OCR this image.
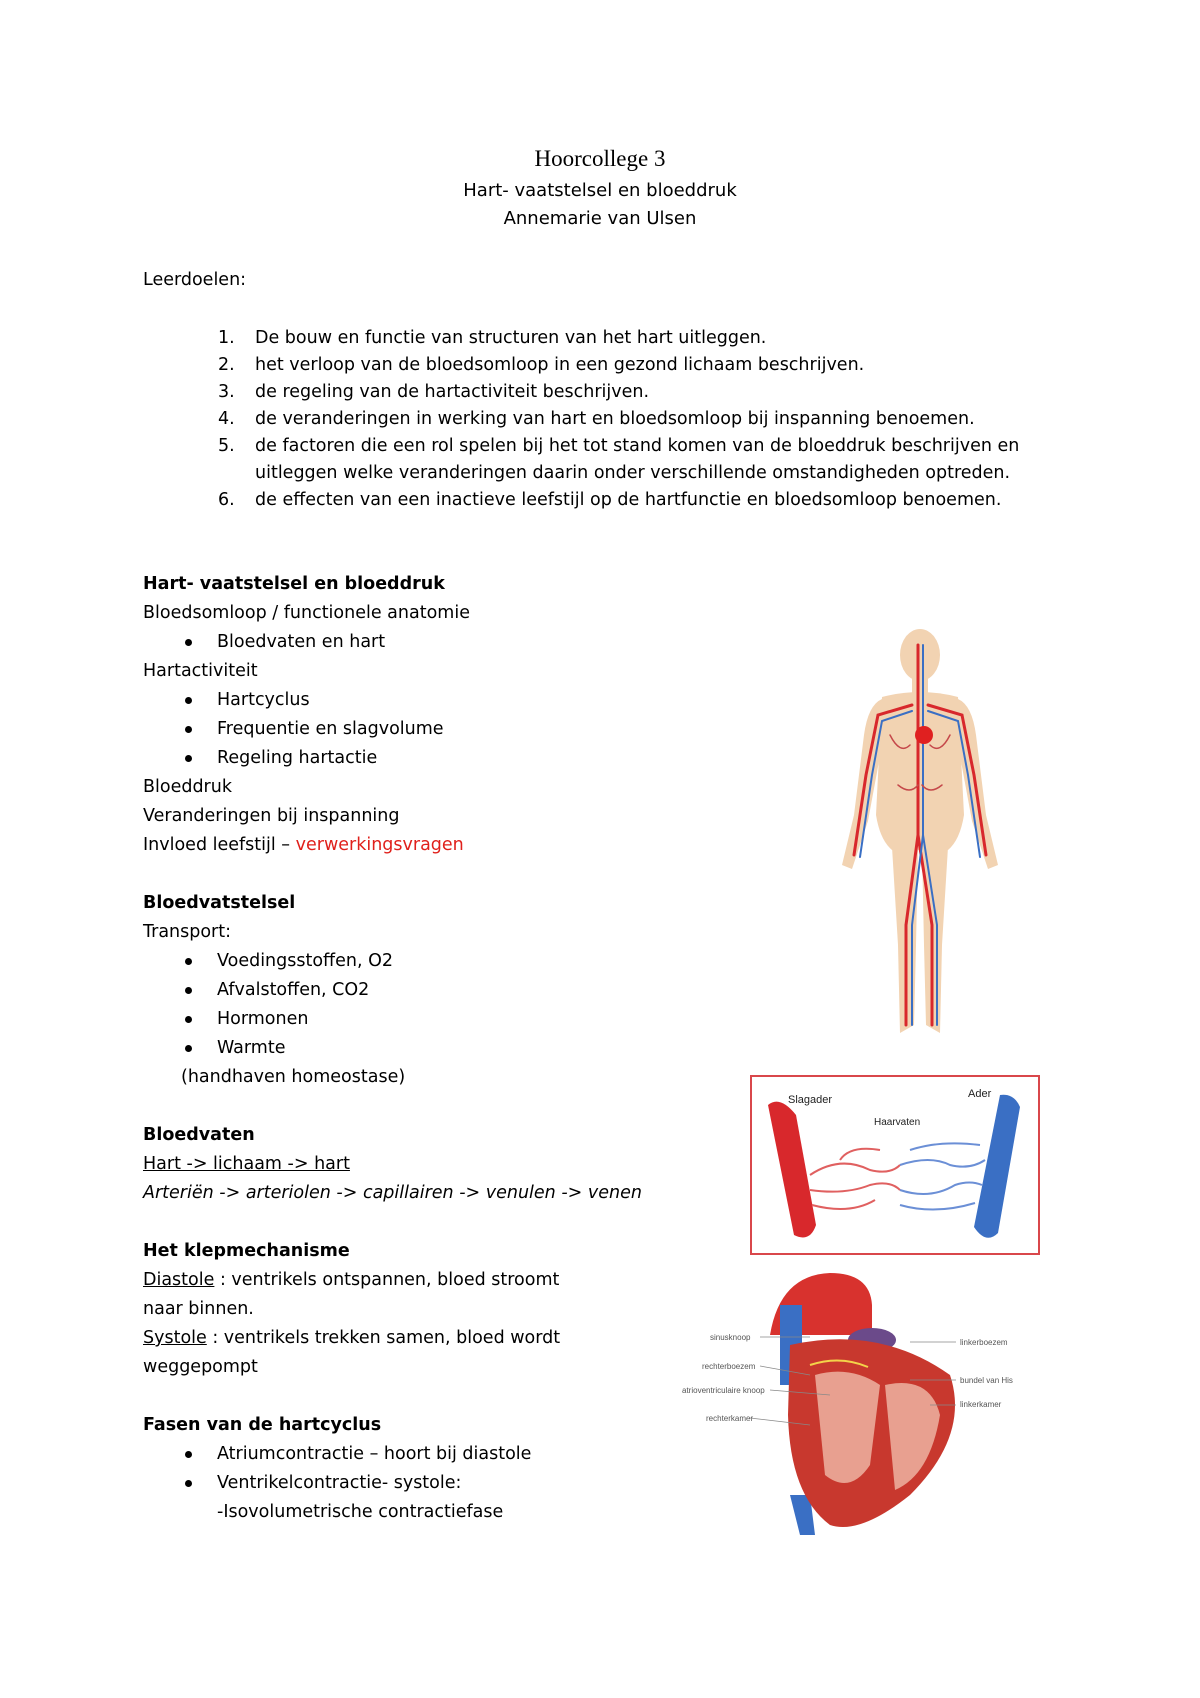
Hoorcollege 3
Hart- vaatstelsel en bloeddruk
Annemarie van Ulsen
Leerdoelen:
1. De bouw en functie van structuren van het hart uitleggen.
2. het verloop van de bloedsomloop in een gezond lichaam beschrijven.
3. de regeling van de hartactiviteit beschrijven.
4. de veranderingen in werking van hart en bloedsomloop bij inspanning benoemen.
5. de factoren die een rol spelen bij het tot stand komen van de bloeddruk beschrijven en
uitleggen welke veranderingen daarin onder verschillende omstandigheden optreden.
6. de effecten van een inactieve leefstijl op de hartfunctie en bloedsomloop benoemen.
Hart- vaatstelsel en bloeddruk
Bloedsomloop / functionele anatomie
Bloedvaten en hart
Hartactiviteit
Hartcyclus
Frequentie en slagvolume
Regeling hartactie
Bloeddruk
Veranderingen bij inspanning
Invloed leefstijl – verwerkingsvragen
Bloedvatstelsel
Transport:
Voedingsstoffen, O2
Afvalstoffen, CO2
Hormonen
Warmte
(handhaven homeostase)
Bloedvaten
Hart -> lichaam -> hart
Arteriën -> arteriolen -> capillairen -> venulen -> venen
Het klepmechanisme
Diastole : ventrikels ontspannen, bloed stroomt
naar binnen.
Systole : ventrikels trekken samen, bloed wordt
weggepompt
Fasen van de hartcyclus
Atriumcontractie – hoort bij diastole
Ventrikelcontractie- systole:
-Isovolumetrische contractiefase
Slagader	Ader
Haarvaten
sinusknoop
rechterboezem
atrioventriculaire knoop
rechterkamer
linkerboezem
bundel van His
linkerkamer
